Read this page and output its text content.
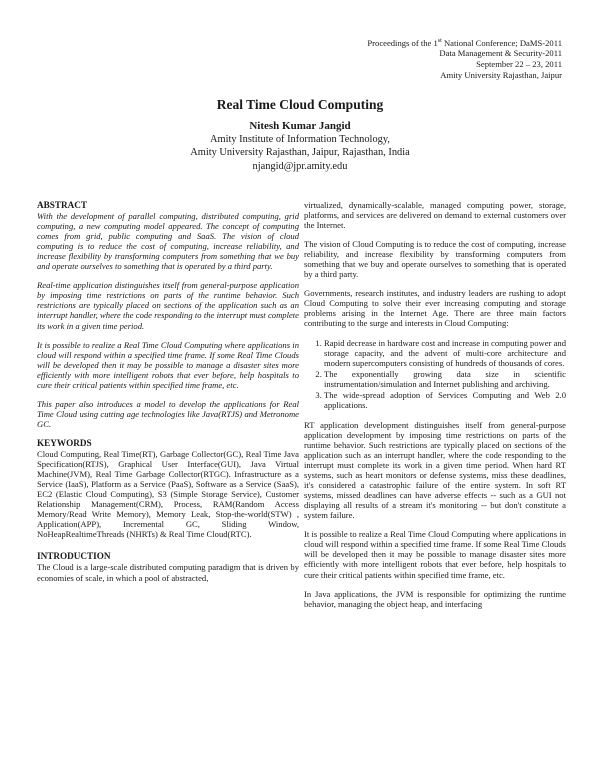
Proceedings of the 1st National Conference; DaMS-2011
Data Management & Security-2011
September 22 – 23, 2011
Amity University Rajasthan, Jaipur
Real Time Cloud Computing
Nitesh Kumar Jangid
Amity Institute of Information Technology,
Amity University Rajasthan, Jaipur, Rajasthan, India
njangid@jpr.amity.edu
ABSTRACT

With the development of parallel computing, distributed computing, grid computing, a new computing model appeared. The concept of computing comes from grid, public computing and SaaS. The vision of cloud computing is to reduce the cost of computing, increase reliability, and increase flexibility by transforming computers from something that we buy and operate ourselves to something that is operated by a third party.

Real-time application distinguishes itself from general-purpose application by imposing time restrictions on parts of the runtime behavior. Such restrictions are typically placed on sections of the application such as an interrupt handler, where the code responding to the interrupt must complete its work in a given time period.

It is possible to realize a Real Time Cloud Computing where applications in cloud will respond within a specified time frame. If some Real Time Clouds will be developed then it may be possible to manage a disaster sites more efficiently with more intelligent robots that ever before, help hospitals to cure their critical patients within specified time frame, etc.

This paper also introduces a model to develop the applications for Real Time Cloud using cutting age technologies like Java(RTJS) and Metronome GC.

KEYWORDS

Cloud Computing, Real Time(RT), Garbage Collector(GC), Real Time Java Specification(RTJS), Graphical User Interface(GUI), Java Virtual Machine(JVM), Real Time Garbage Collector(RTGC). Infrastructure as a Service (IaaS), Platform as a Service (PaaS), Software as a Service (SaaS), EC2 (Elastic Cloud Computing), S3 (Simple Storage Service), Customer Relationship Management(CRM), Process, RAM(Random Access Memory/Read Write Memory), Memory Leak, Stop-the-world(STW) , Application(APP), Incremental GC, Sliding Window, NoHeapRealtimeThreads (NHRTs) & Real Time Cloud(RTC).

INTRODUCTION

The Cloud is a large-scale distributed computing paradigm that is driven by economies of scale, in which a pool of abstracted,

virtualized, dynamically-scalable, managed computing power, storage, platforms, and services are delivered on demand to external customers over the Internet.

The vision of Cloud Computing is to reduce the cost of computing, increase reliability, and increase flexibility by transforming computers from something that we buy and operate ourselves to something that is operated by a third party.

Governments, research institutes, and industry leaders are rushing to adopt Cloud Computing to solve their ever increasing computing and storage problems arising in the Internet Age. There are three main factors contributing to the surge and interests in Cloud Computing:

1. Rapid decrease in hardware cost and increase in computing power and storage capacity, and the advent of multi-core architecture and modern supercomputers consisting of hundreds of thousands of cores.
2. The exponentially growing data size in scientific instrumentation/simulation and Internet publishing and archiving.
3. The wide-spread adoption of Services Computing and Web 2.0 applications.

RT application development distinguishes itself from general-purpose application development by imposing time restrictions on parts of the runtime behavior. Such restrictions are typically placed on sections of the application such as an interrupt handler, where the code responding to the interrupt must complete its work in a given time period. When hard RT systems, such as heart monitors or defense systems, miss these deadlines, it's considered a catastrophic failure of the entire system. In soft RT systems, missed deadlines can have adverse effects -- such as a GUI not displaying all results of a stream it's monitoring -- but don't constitute a system failure.

It is possible to realize a Real Time Cloud Computing where applications in cloud will respond within a specified time frame. If some Real Time Clouds will be developed then it may be possible to manage disaster sites more efficiently with more intelligent robots that ever before, help hospitals to cure their critical patients within specified time frame, etc.

In Java applications, the JVM is responsible for optimizing the runtime behavior, managing the object heap, and interfacing
